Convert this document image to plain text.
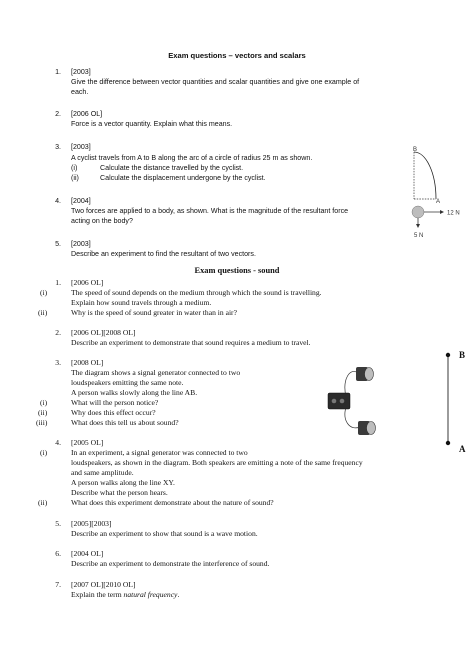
Exam questions – vectors and scalars
1. [2003]
Give the difference between vector quantities and scalar quantities and give one example of
each.
2. [2006 OL]
Force is a vector quantity. Explain what this means.
3. [2003]
A cyclist travels from A to B along the arc of a circle of radius 25 m as shown.
(i)	Calculate the distance travelled by the cyclist.
(ii)	Calculate the displacement undergone by the cyclist.
4. [2004]
Two forces are applied to a body, as shown. What is the magnitude of the resultant force
acting on the body?
5. [2003]
Describe an experiment to find the resultant of two vectors.
B
A
12 N
5 N
Exam questions - sound
1. [2006 OL]
(i)	The speed of sound depends on the medium through which the sound is travelling.
Explain how sound travels through a medium.
(ii)	Why is the speed of sound greater in water than in air?
2. [2006 OL][2008 OL]
Describe an experiment to demonstrate that sound requires a medium to travel.
3. [2008 OL]
The diagram shows a signal generator connected to two
loudspeakers emitting the same note.
A person walks slowly along the line AB.
(i)	What will the person notice?
(ii)	Why does this effect occur?
(iii)	What does this tell us about sound?
4. [2005 OL]
(i)	In an experiment, a signal generator was connected to two
loudspeakers, as shown in the diagram. Both speakers are emitting a note of the same frequency
and same amplitude.
A person walks along the line XY.
Describe what the person hears.
(ii)	What does this experiment demonstrate about the nature of sound?
5. [2005][2003]
Describe an experiment to show that sound is a wave motion.
6. [2004 OL]
Describe an experiment to demonstrate the interference of sound.
7. [2007 OL][2010 OL]
Explain the term natural frequency.
B
A
